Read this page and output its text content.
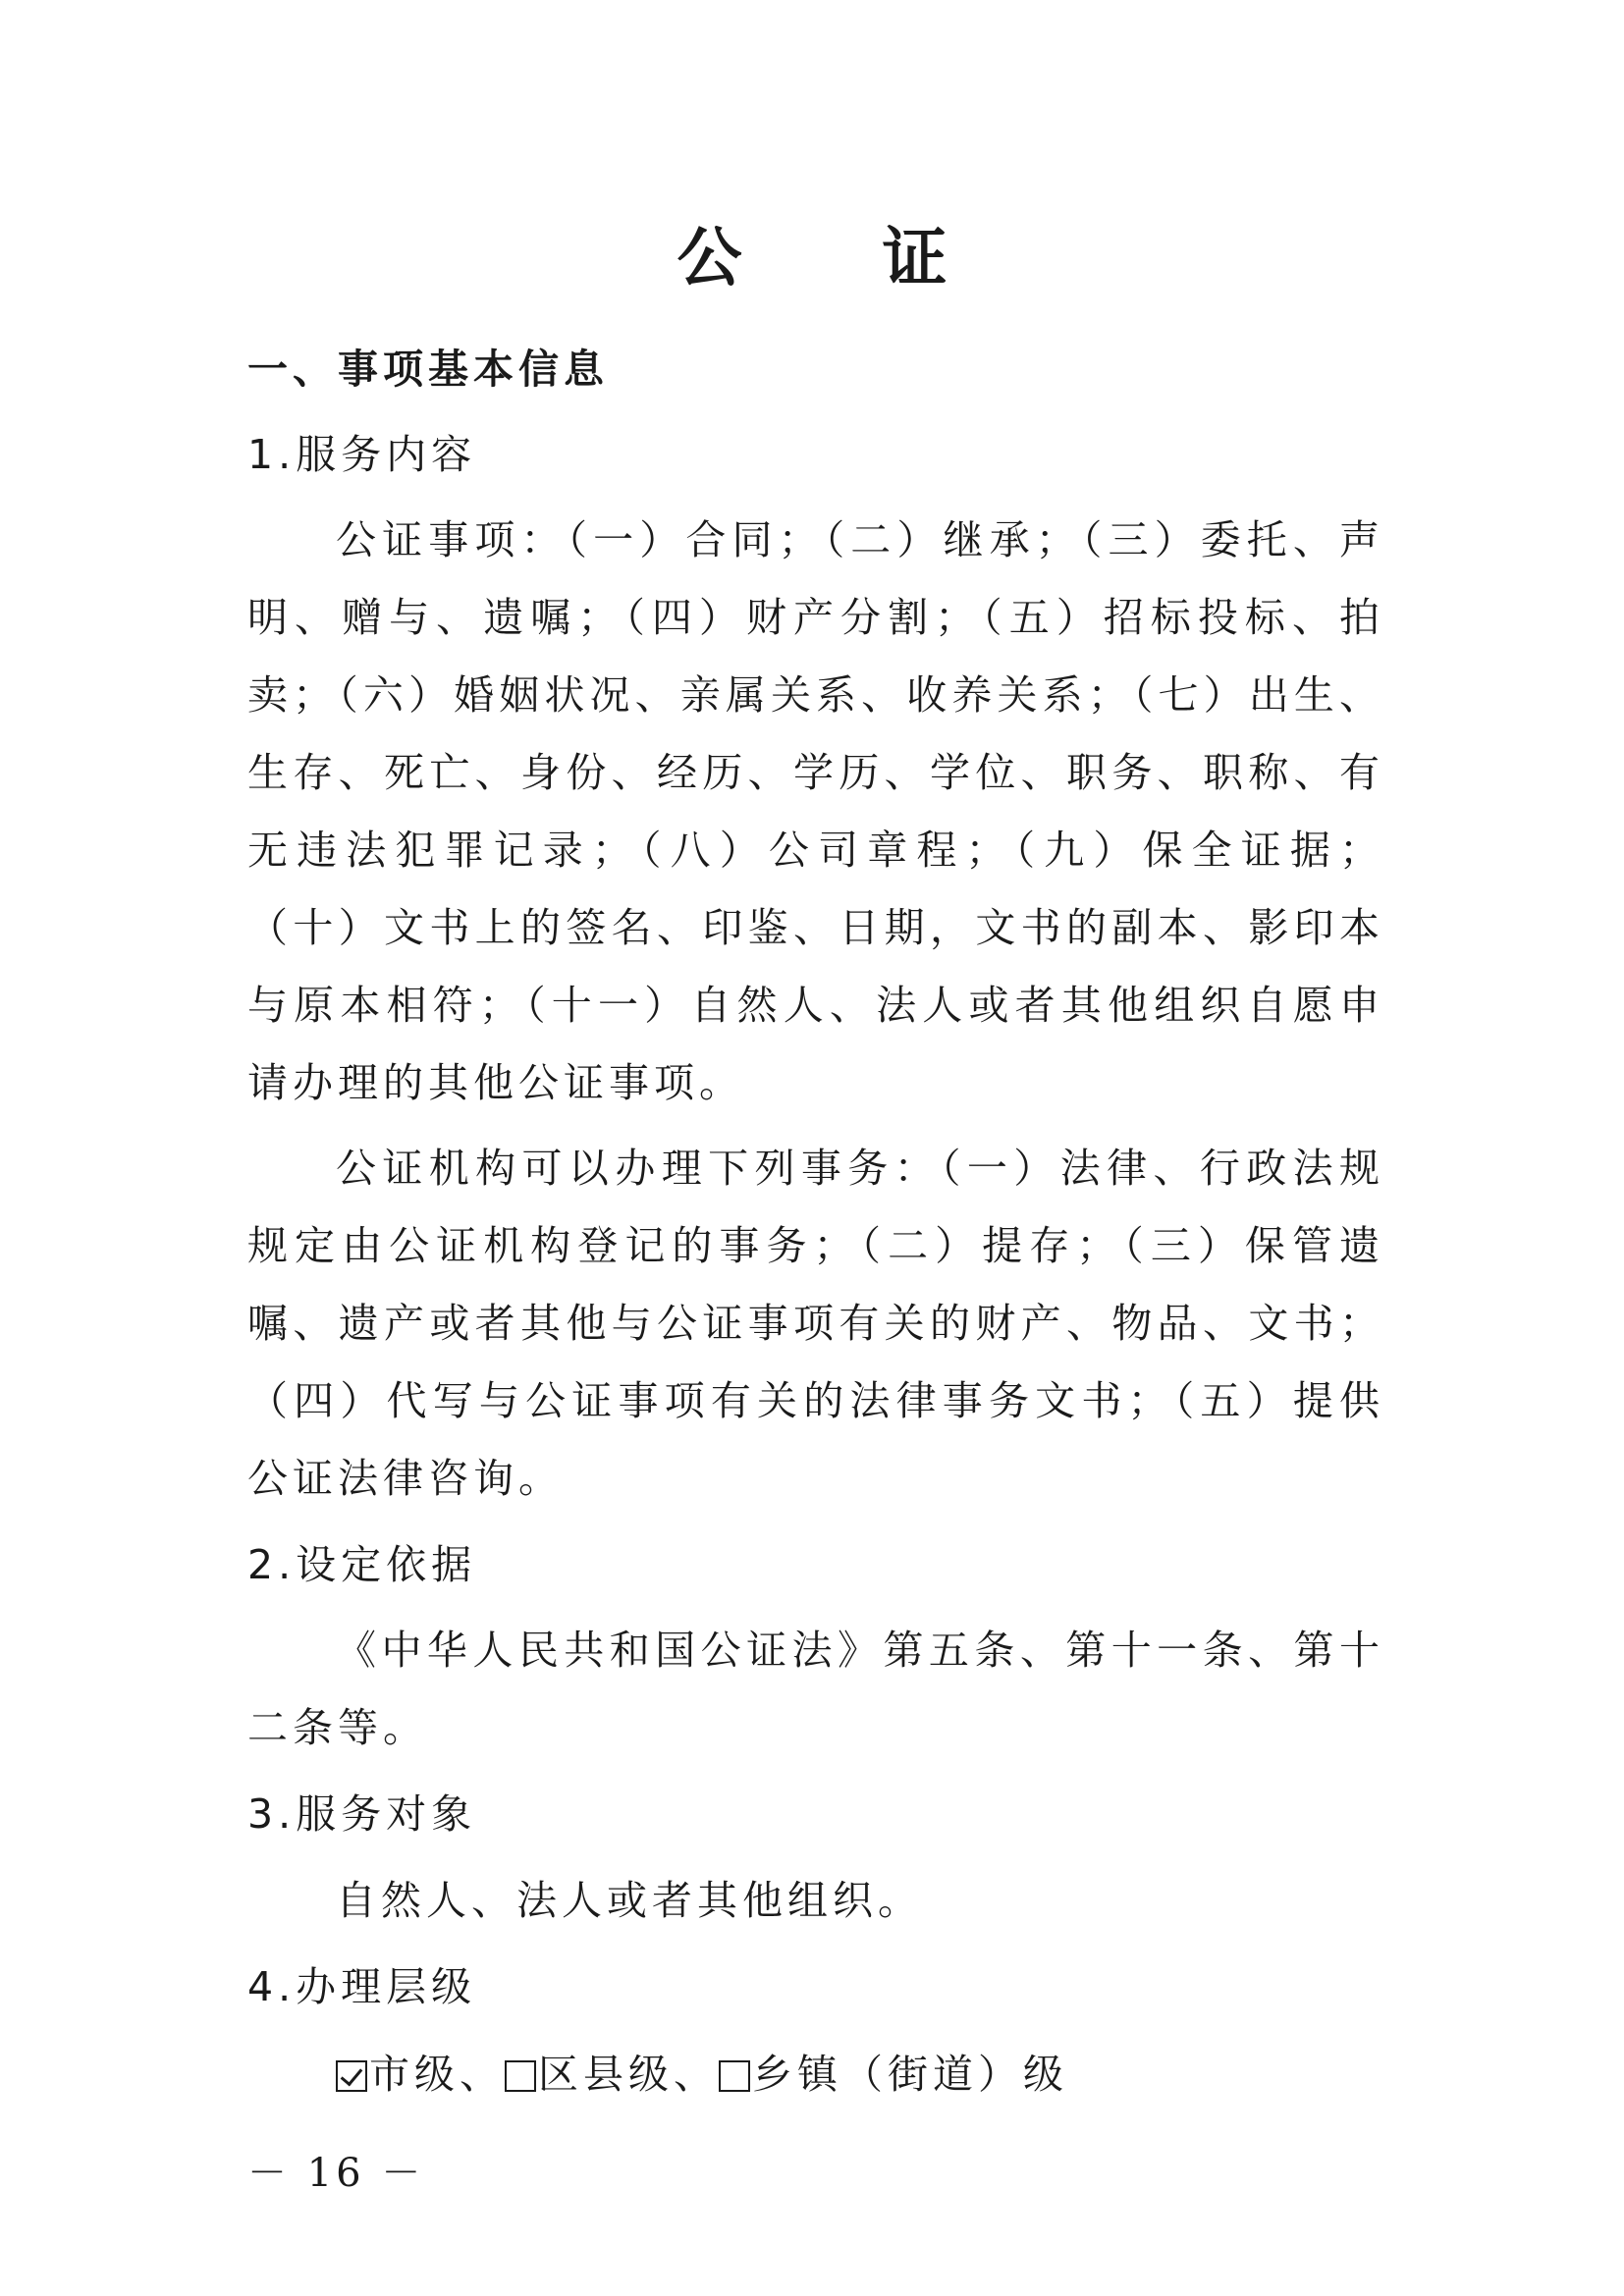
公 证
一、事项基本信息
1.服务内容

公证事项：（一）合同；（二）继承；（三）委托、声明、赠与、遗嘱；（四）财产分割；（五）招标投标、拍卖；（六）婚姻状况、亲属关系、收养关系；（七）出生、生存、死亡、身份、经历、学历、学位、职务、职称、有无违法犯罪记录；（八）公司章程；（九）保全证据；（十）文书上的签名、印鉴、日期，文书的副本、影印本与原本相符；（十一）自然人、法人或者其他组织自愿申请办理的其他公证事项。

公证机构可以办理下列事务：（一）法律、行政法规规定由公证机构登记的事务；（二）提存；（三）保管遗嘱、遗产或者其他与公证事项有关的财产、物品、文书；（四）代写与公证事项有关的法律事务文书；（五）提供公证法律咨询。

2.设定依据

《中华人民共和国公证法》第五条、第十一条、第十二条等。

3.服务对象

自然人、法人或者其他组织。

4.办理层级
市级、 区县级、 乡镇（街道）级
－ 16 －
